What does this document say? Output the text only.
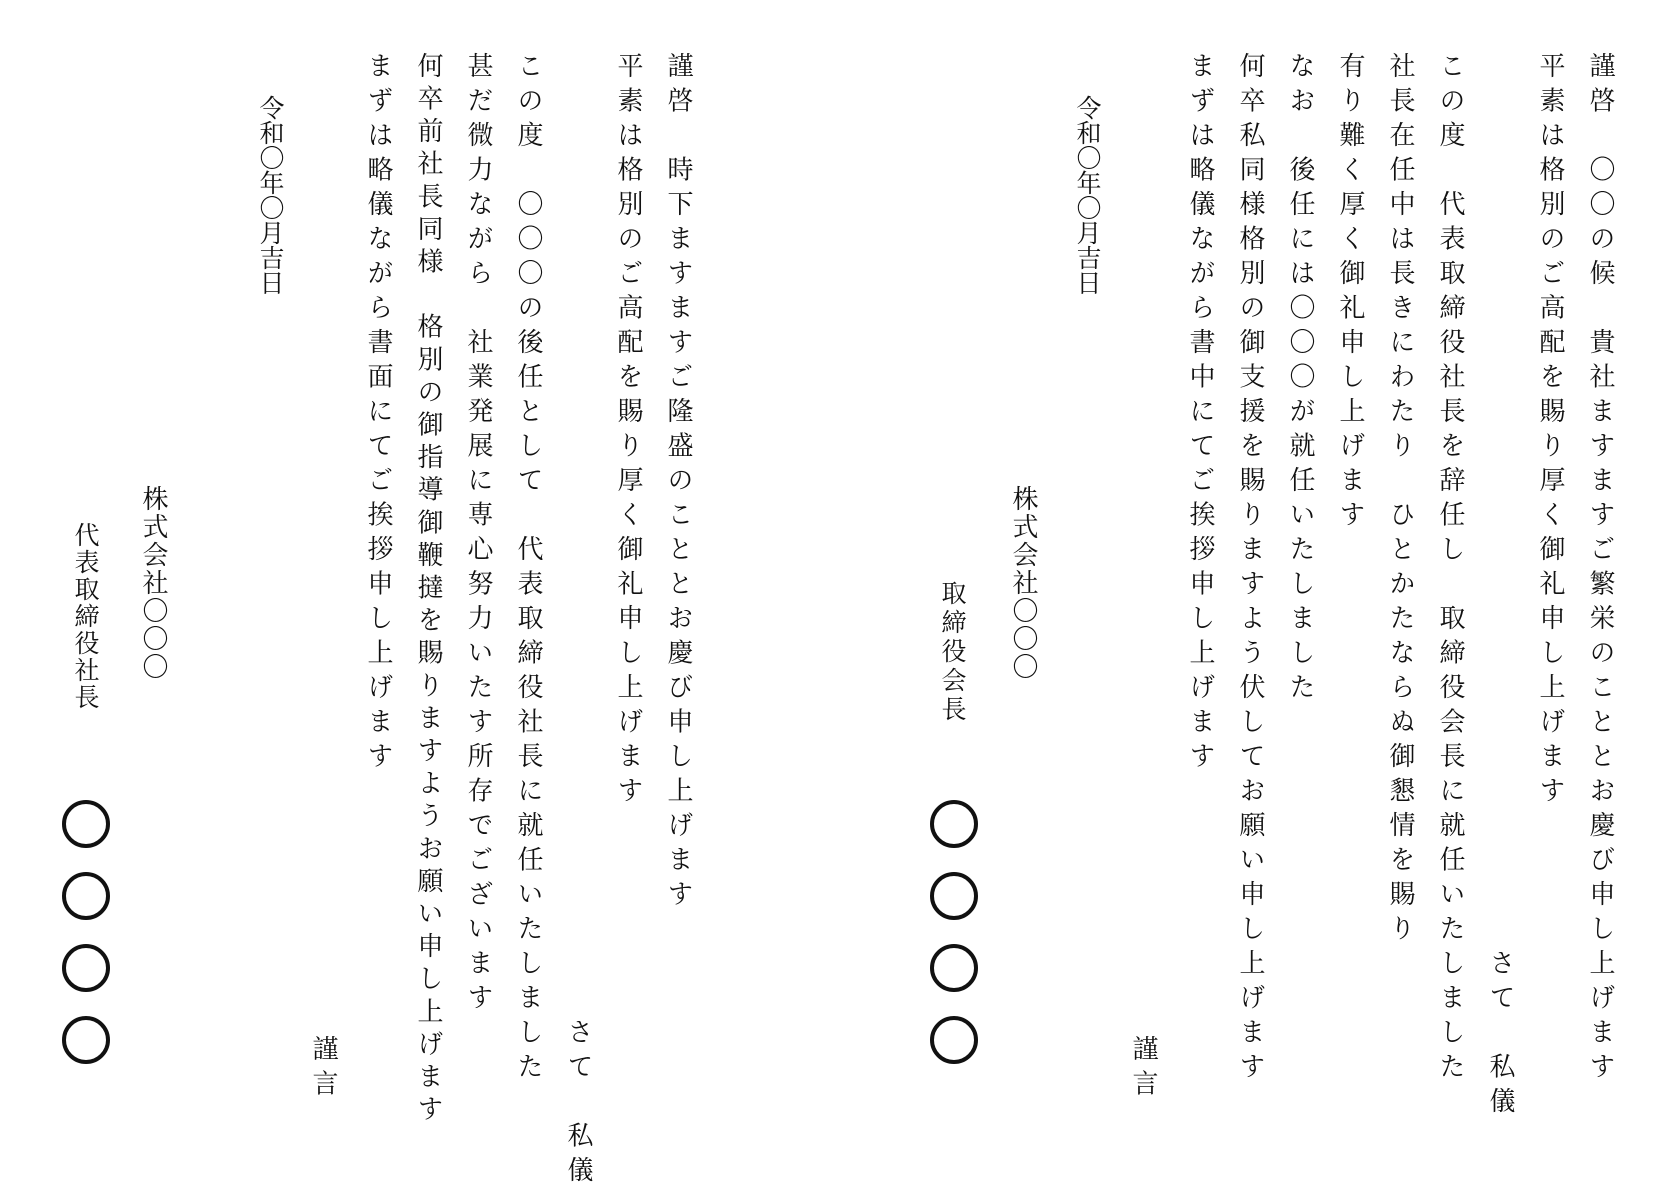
謹啓　〇〇の候　貴社ますますご繁栄のこととお慶び申し上げます

平素は格別のご高配を賜り厚く御礼申し上げます

　　　　　　　　　　　　　　　　　　　　　　　　　　さて　私儀

この度　代表取締役社長を辞任し　取締役会長に就任いたしました

社長在任中は長きにわたり　ひとかたならぬ御懇情を賜り

有り難く厚く御礼申し上げます

なお　後任には〇〇〇が就任いたしました

何卒私同様格別の御支援を賜りますよう伏してお願い申し上げます

まずは略儀ながら書中にてご挨拶申し上げます

謹言

令和〇年〇月吉日

株式会社〇〇〇

取締役会長

謹啓　時下ますますご隆盛のこととお慶び申し上げます

平素は格別のご高配を賜り厚く御礼申し上げます

　　　　　　　　　　　　　　　　　　　　　　　　　　　　さて　私儀

この度　〇〇〇の後任として　代表取締役社長に就任いたしました

甚だ微力ながら　社業発展に専心努力いたす所存でございます

何卒前社長同様　格別の御指導御鞭撻を賜りますようお願い申し上げます

まずは略儀ながら書面にてご挨拶申し上げます

謹言

令和〇年〇月吉日

株式会社〇〇〇

代表取締役社長
